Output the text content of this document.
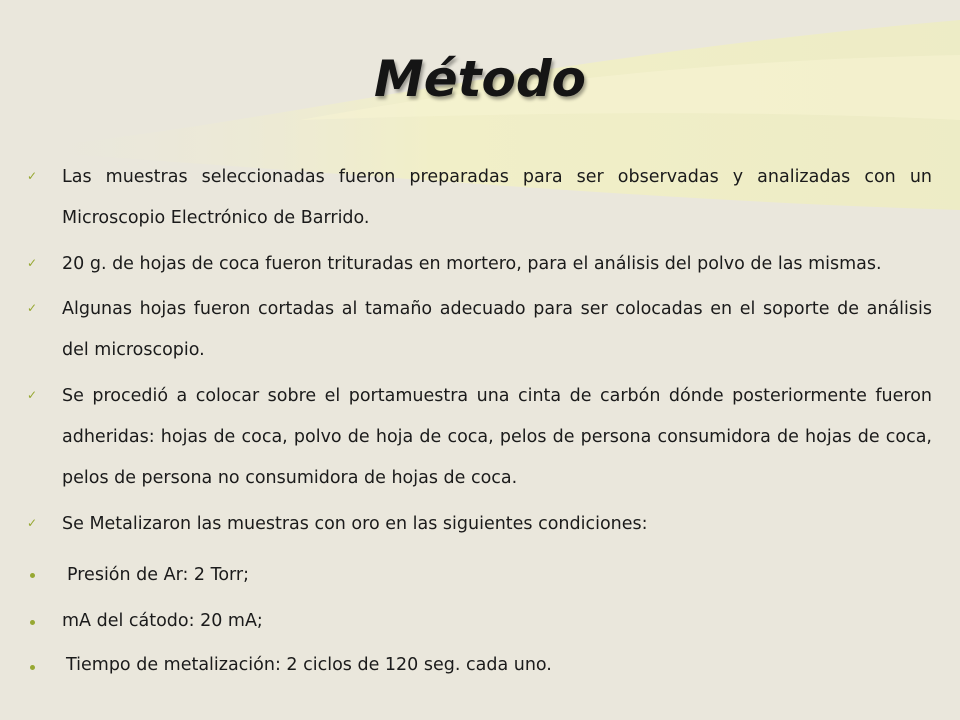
Método
✓ Las muestras seleccionadas fueron preparadas para ser observadas y analizadas con un Microscopio Electrónico de Barrido.
✓ 20 g. de hojas de coca fueron trituradas en mortero, para el análisis del polvo de las mismas.
✓ Algunas hojas fueron cortadas al tamaño adecuado para ser colocadas en el soporte de análisis del microscopio.
✓ Se procedió a colocar sobre el portamuestra una cinta de carbón dónde posteriormente fueron adheridas: hojas de coca, polvo de hoja de coca, pelos de persona consumidora de hojas de coca, pelos de persona no consumidora de hojas de coca.
✓ Se Metalizaron las muestras con oro en las siguientes condiciones:
Presión de Ar: 2 Torr;
mA del cátodo: 20 mA;
Tiempo de metalización: 2 ciclos de 120 seg. cada uno.
